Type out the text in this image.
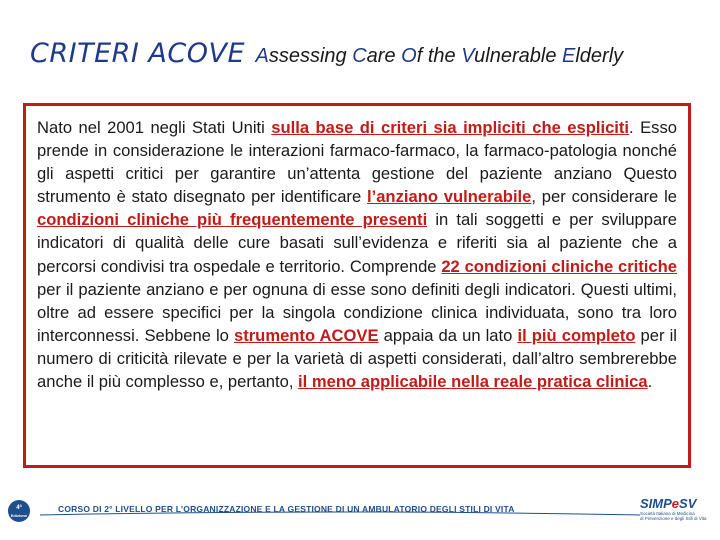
CRITERI ACOVE Assessing Care Of the Vulnerable Elderly

Nato nel 2001 negli Stati Uniti sulla base di criteri sia impliciti che espliciti. Esso prende in considerazione le interazioni farmaco-farmaco, la farmaco-patologia nonché gli aspetti critici per garantire un’attenta gestione del paziente anziano Questo strumento è stato disegnato per identificare l’anziano vulnerabile, per considerare le condizioni cliniche più frequentemente presenti in tali soggetti e per sviluppare indicatori di qualità delle cure basati sull’evidenza e riferiti sia al paziente che a percorsi condivisi tra ospedale e territorio. Comprende 22 condizioni cliniche critiche per il paziente anziano e per ognuna di esse sono definiti degli indicatori. Questi ultimi, oltre ad essere specifici per la singola condizione clinica individuata, sono tra loro interconnessi. Sebbene lo strumento ACOVE appaia da un lato il più completo per il numero di criticità rilevate e per la varietà di aspetti considerati, dall’altro sembrerebbe anche il più complesso e, pertanto, il meno applicabile nella reale pratica clinica.

4ª
Edizione
CORSO DI 2° LIVELLO PER L’ORGANIZZAZIONE E LA GESTIONE DI UN AMBULATORIO DEGLI STILI DI VITA	SIMPeSV
Società Italiana di Medicina
di Prevenzione e degli Stili di Vita
